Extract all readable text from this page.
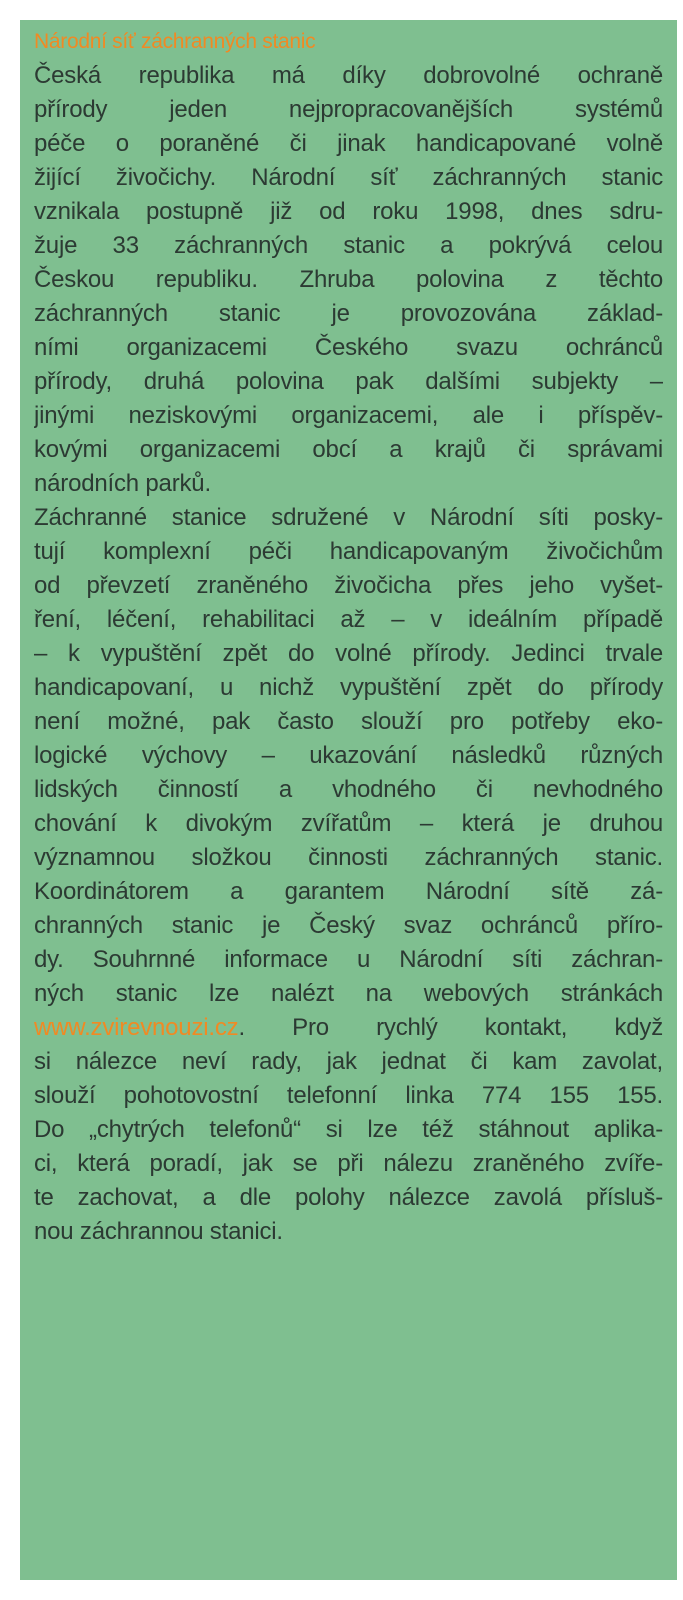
Národní síť záchranných stanic
Česká republika má díky dobrovolné ochraně
přírody jeden nejpropracovanějších systémů
péče o poraněné či jinak handicapované volně
žijící živočichy. Národní síť záchranných stanic
vznikala postupně již od roku 1998, dnes sdru-
žuje 33 záchranných stanic a pokrývá celou
Českou republiku. Zhruba polovina z těchto
záchranných stanic je provozována základ-
ními organizacemi Českého svazu ochránců
přírody, druhá polovina pak dalšími subjekty –
jinými neziskovými organizacemi, ale i příspěv-
kovými organizacemi obcí a krajů či správami
národních parků.
Záchranné stanice sdružené v Národní síti posky-
tují komplexní péči handicapovaným živočichům
od převzetí zraněného živočicha přes jeho vyšet-
ření, léčení, rehabilitaci až – v ideálním případě
– k vypuštění zpět do volné přírody. Jedinci trvale
handicapovaní, u nichž vypuštění zpět do přírody
není možné, pak často slouží pro potřeby eko-
logické výchovy – ukazování následků různých
lidských činností a vhodného či nevhodného
chování k divokým zvířatům – která je druhou
významnou složkou činnosti záchranných stanic.
Koordinátorem a garantem Národní sítě zá-
chranných stanic je Český svaz ochránců příro-
dy. Souhrnné informace u Národní síti záchran-
ných stanic lze nalézt na webových stránkách
www.zvirevnouzi.cz. Pro rychlý kontakt, když
si nálezce neví rady, jak jednat či kam zavolat,
slouží pohotovostní telefonní linka 774 155 155.
Do „chytrých telefonů“ si lze též stáhnout aplika-
ci, která poradí, jak se při nálezu zraněného zvíře-
te zachovat, a dle polohy nálezce zavolá přísluš-
nou záchrannou stanici.
